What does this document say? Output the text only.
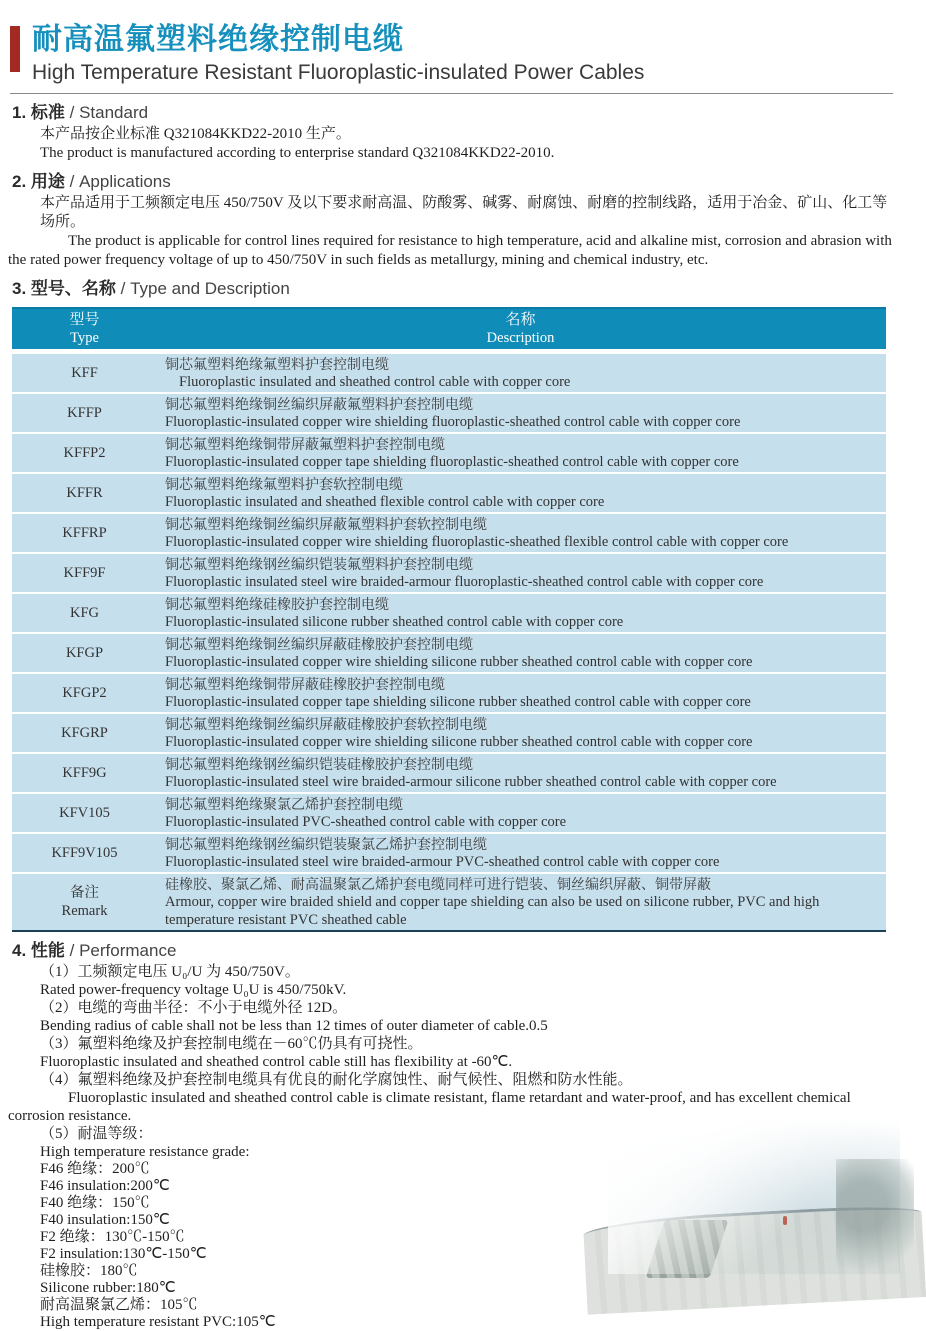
耐高温氟塑料绝缘控制电缆
High Temperature Resistant Fluoroplastic-insulated Power Cables
1. 标准 / Standard

本产品按企业标准 Q321084KKD22-2010 生产。

The product is manufactured according to enterprise standard Q321084KKD22-2010.

2. 用途 / Applications

本产品适用于工频额定电压 450/750V 及以下要求耐高温、防酸雾、碱雾、耐腐蚀、耐磨的控制线路，适用于冶金、矿山、化工等场所。

The product is applicable for control lines required for resistance to high temperature, acid and alkaline mist, corrosion and abrasion with the rated power frequency voltage of up to 450/750V in such fields as metallurgy, mining and chemical industry, etc.

3. 型号、名称 / Type and Description
型号
Type
名称
Description
KFF
铜芯氟塑料绝缘氟塑料护套控制电缆
Fluoroplastic insulated and sheathed control cable with copper core
KFFP
铜芯氟塑料绝缘铜丝编织屏蔽氟塑料护套控制电缆
Fluoroplastic-insulated copper wire shielding fluoroplastic-sheathed control cable with copper core
KFFP2
铜芯氟塑料绝缘铜带屏蔽氟塑料护套控制电缆
Fluoroplastic-insulated copper tape shielding fluoroplastic-sheathed control cable with copper core
KFFR
铜芯氟塑料绝缘氟塑料护套软控制电缆
Fluoroplastic insulated and sheathed flexible control cable with copper core
KFFRP
铜芯氟塑料绝缘铜丝编织屏蔽氟塑料护套软控制电缆
Fluoroplastic-insulated copper wire shielding fluoroplastic-sheathed flexible control cable with copper core
KFF9F
铜芯氟塑料绝缘钢丝编织铠装氟塑料护套控制电缆
Fluoroplastic insulated steel wire braided-armour fluoroplastic-sheathed control cable with copper core
KFG
铜芯氟塑料绝缘硅橡胶护套控制电缆
Fluoroplastic-insulated silicone rubber sheathed control cable with copper core
KFGP
铜芯氟塑料绝缘铜丝编织屏蔽硅橡胶护套控制电缆
Fluoroplastic-insulated copper wire shielding silicone rubber sheathed control cable with copper core
KFGP2
铜芯氟塑料绝缘铜带屏蔽硅橡胶护套控制电缆
Fluoroplastic-insulated copper tape shielding silicone rubber sheathed control cable with copper core
KFGRP
铜芯氟塑料绝缘铜丝编织屏蔽硅橡胶护套软控制电缆
Fluoroplastic-insulated copper wire shielding silicone rubber sheathed control cable with copper core
KFF9G
铜芯氟塑料绝缘钢丝编织铠装硅橡胶护套控制电缆
Fluoroplastic-insulated steel wire braided-armour silicone rubber sheathed control cable with copper core
KFV105
铜芯氟塑料绝缘聚氯乙烯护套控制电缆
Fluoroplastic-insulated PVC-sheathed control cable with copper core
KFF9V105
铜芯氟塑料绝缘钢丝编织铠装聚氯乙烯护套控制电缆
Fluoroplastic-insulated steel wire braided-armour PVC-sheathed control cable with copper core
备注
Remark
硅橡胶、聚氯乙烯、耐高温聚氯乙烯护套电缆同样可进行铠装、铜丝编织屏蔽、铜带屏蔽
Armour, copper wire braided shield and copper tape shielding can also be used on silicone rubber, PVC and high temperature resistant PVC sheathed cable
4. 性能 / Performance

（1）工频额定电压 U₀/U 为 450/750V。

Rated power-frequency voltage U₀U is 450/750kV.

（2）电缆的弯曲半径：不小于电缆外径 12D。

Bending radius of cable shall not be less than 12 times of outer diameter of cable.0.5

（3）氟塑料绝缘及护套控制电缆在－60℃仍具有可挠性。

Fluoroplastic insulated and sheathed control cable still has flexibility at -60℃.

（4）氟塑料绝缘及护套控制电缆具有优良的耐化学腐蚀性、耐气候性、阻燃和防水性能。

Fluoroplastic insulated and sheathed control cable is climate resistant, flame retardant and water-proof, and has excellent chemical corrosion resistance.

（5）耐温等级：

High temperature resistance grade:

F46 绝缘：200℃

F46 insulation:200℃

F40 绝缘：150℃

F40 insulation:150℃

F2 绝缘：130℃-150℃

F2 insulation:130℃-150℃

硅橡胶：180℃

Silicone rubber:180℃

耐高温聚氯乙烯：105℃

High temperature resistant PVC:105℃
